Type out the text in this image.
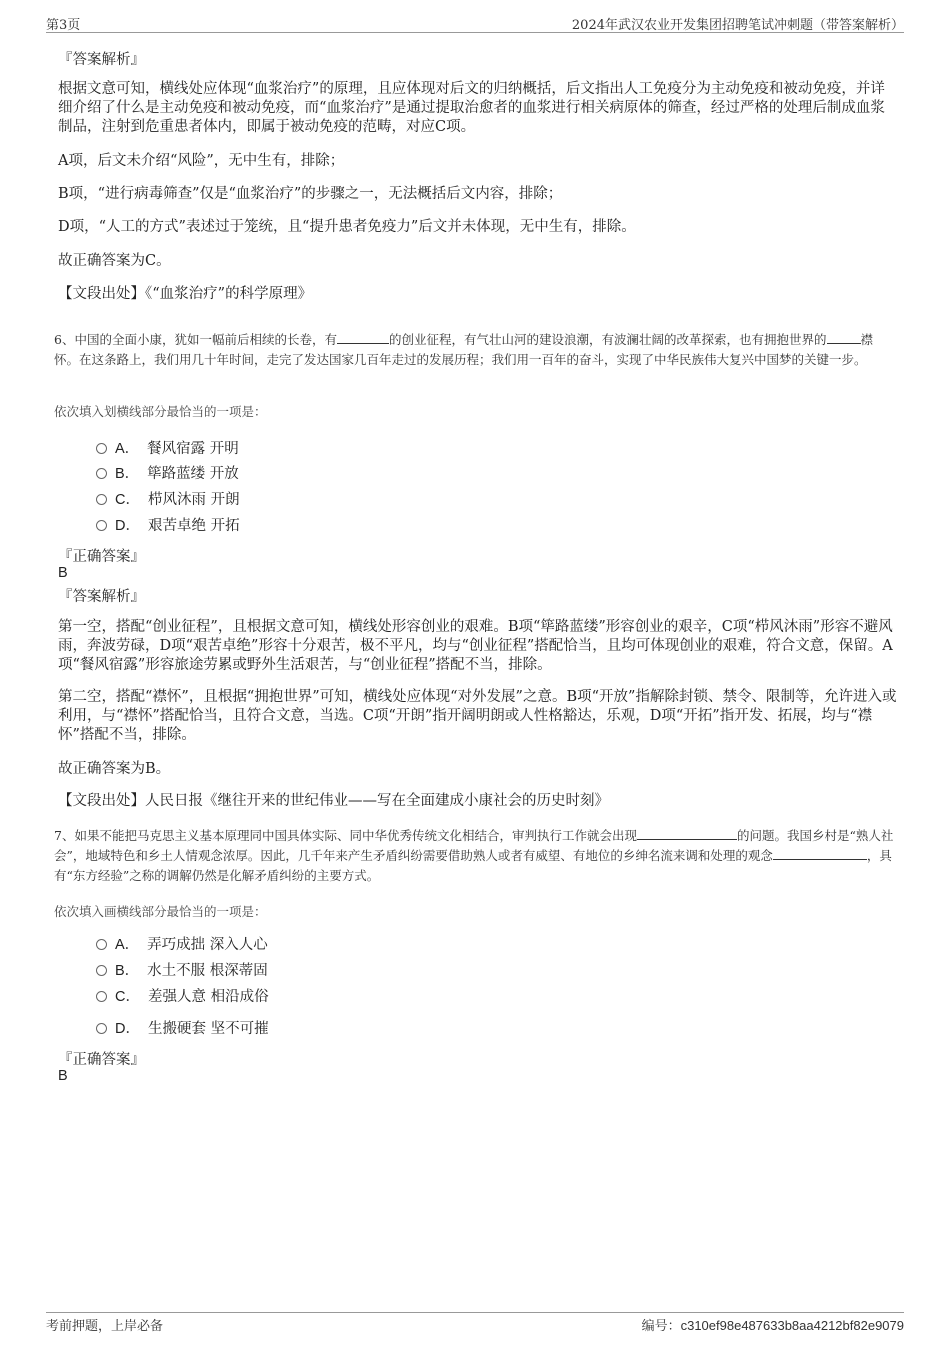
第3页	2024年武汉农业开发集团招聘笔试冲刺题（带答案解析）

『答案解析』

根据文意可知，横线处应体现“血浆治疗”的原理，且应体现对后文的归纳概括，后文指出人工免疫分为主动免疫和被动免疫，并详细介绍了什么是主动免疫和被动免疫，而“血浆治疗”是通过提取治愈者的血浆进行相关病原体的筛查，经过严格的处理后制成血浆制品，注射到危重患者体内，即属于被动免疫的范畴，对应C项。

A项，后文未介绍“风险”，无中生有，排除；

B项，“进行病毒筛查”仅是“血浆治疗”的步骤之一，无法概括后文内容，排除；

D项，“人工的方式”表述过于笼统，且“提升患者免疫力”后文并未体现，无中生有，排除。

故正确答案为C。

【文段出处】《“血浆治疗”的科学原理》

6、中国的全面小康，犹如一幅前后相续的长卷，有	的创业征程，有气壮山河的建设浪潮，有波澜壮阔的改革探索，也有拥抱世界的	襟怀。在这条路上，我们用几十年时间，走完了发达国家几百年走过的发展历程；我们用一百年的奋斗，实现了中华民族伟大复兴中国梦的关键一步。

依次填入划横线部分最恰当的一项是：

A． 餐风宿露 开明
B． 筚路蓝缕 开放
C． 栉风沐雨 开朗
D． 艰苦卓绝 开拓

『正确答案』

B

『答案解析』

第一空，搭配“创业征程”，且根据文意可知，横线处形容创业的艰难。B项“筚路蓝缕”形容创业的艰辛，C项“栉风沐雨”形容不避风雨，奔波劳碌，D项“艰苦卓绝”形容十分艰苦，极不平凡，均与“创业征程”搭配恰当，且均可体现创业的艰难，符合文意，保留。A项“餐风宿露”形容旅途劳累或野外生活艰苦，与“创业征程”搭配不当，排除。

第二空，搭配“襟怀”，且根据“拥抱世界”可知，横线处应体现“对外发展”之意。B项“开放”指解除封锁、禁令、限制等，允许进入或利用，与“襟怀”搭配恰当，且符合文意，当选。C项“开朗”指开阔明朗或人性格豁达，乐观，D项“开拓”指开发、拓展，均与“襟怀”搭配不当，排除。

故正确答案为B。

【文段出处】人民日报《继往开来的世纪伟业——写在全面建成小康社会的历史时刻》

7、如果不能把马克思主义基本原理同中国具体实际、同中华优秀传统文化相结合，审判执行工作就会出现	的问题。我国乡村是“熟人社会”，地域特色和乡土人情观念浓厚。因此，几千年来产生矛盾纠纷需要借助熟人或者有威望、有地位的乡绅名流来调和处理的观念	，具有“东方经验”之称的调解仍然是化解矛盾纠纷的主要方式。

依次填入画横线部分最恰当的一项是：

A． 弄巧成拙 深入人心
B． 水土不服 根深蒂固
C． 差强人意 相沿成俗
D． 生搬硬套 坚不可摧

『正确答案』

B

考前押题，上岸必备	编号：c310ef98e487633b8aa4212bf82e9079
